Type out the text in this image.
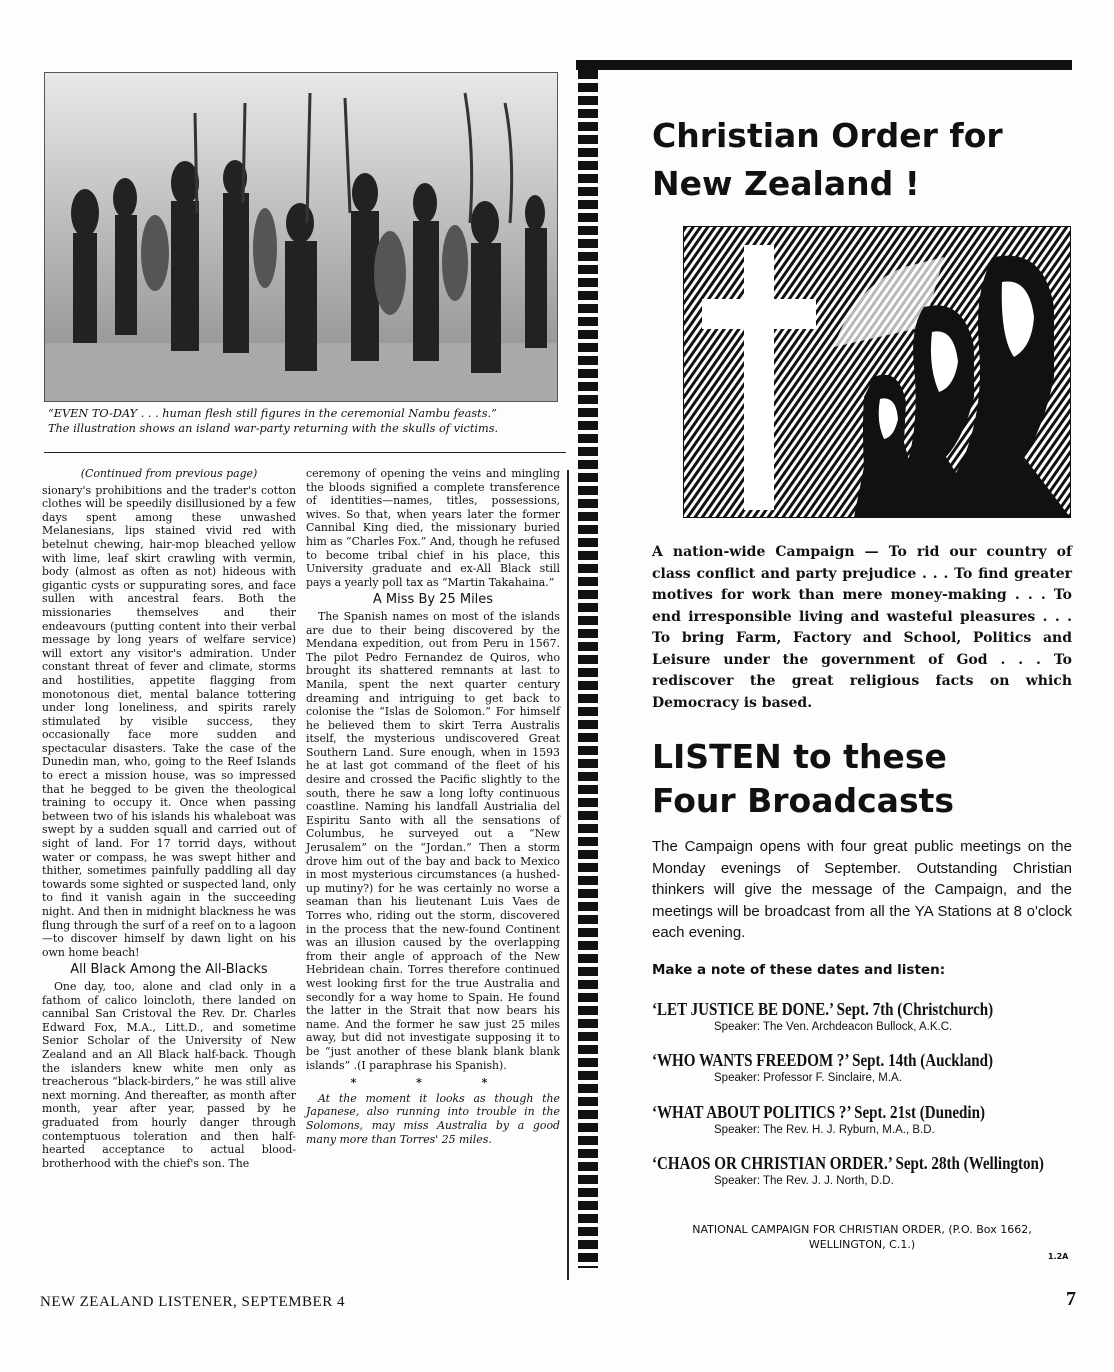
“EVEN TO-DAY . . . human flesh still figures in the ceremonial Nambu feasts.”
The illustration shows an island war-party returning with the skulls of victims.

(Continued from previous page)

sionary's prohibitions and the trader's cotton clothes will be speedily disillusioned by a few days spent among these unwashed Melanesians, lips stained vivid red with betelnut chewing, hair-mop bleached yellow with lime, leaf skirt crawling with vermin, body (almost as often as not) hideous with gigantic cysts or suppurating sores, and face sullen with ancestral fears. Both the missionaries themselves and their endeavours (putting content into their verbal message by long years of welfare service) will extort any visitor's admiration. Under constant threat of fever and climate, storms and hostilities, appetite flagging from monotonous diet, mental balance tottering under long loneliness, and spirits rarely stimulated by visible success, they occasionally face more sudden and spectacular disasters. Take the case of the Dunedin man, who, going to the Reef Islands to erect a mission house, was so impressed that he begged to be given the theological training to occupy it. Once when passing between two of his islands his whaleboat was swept by a sudden squall and carried out of sight of land. For 17 torrid days, without water or compass, he was swept hither and thither, sometimes painfully paddling all day towards some sighted or suspected land, only to find it vanish again in the succeeding night. And then in midnight blackness he was flung through the surf of a reef on to a lagoon —to discover himself by dawn light on his own home beach!

All Black Among the All-Blacks

One day, too, alone and clad only in a fathom of calico loincloth, there landed on cannibal San Cristoval the Rev. Dr. Charles Edward Fox, M.A., Litt.D., and sometime Senior Scholar of the University of New Zealand and an All Black half-back. Though the islanders knew white men only as treacherous “black-birders,” he was still alive next morning. And thereafter, as month after month, year after year, passed by he graduated from hourly danger through contemptuous toleration and then half-hearted acceptance to actual blood-brotherhood with the chief's son. The

ceremony of opening the veins and mingling the bloods signified a complete transference of identities—names, titles, possessions, wives. So that, when years later the former Cannibal King died, the missionary buried him as “Charles Fox.” And, though he refused to become tribal chief in his place, this University graduate and ex-All Black still pays a yearly poll tax as “Martin Takahaina.”

A Miss By 25 Miles

The Spanish names on most of the islands are due to their being discovered by the Mendana expedition, out from Peru in 1567. The pilot Pedro Fernandez de Quiros, who brought its shattered remnants at last to Manila, spent the next quarter century dreaming and intriguing to get back to colonise the “Islas de Solomon.” For himself he believed them to skirt Terra Australis itself, the mysterious undiscovered Great Southern Land. Sure enough, when in 1593 he at last got command of the fleet of his desire and crossed the Pacific slightly to the south, there he saw a long lofty continuous coastline. Naming his landfall Austrialia del Espiritu Santo with all the sensations of Columbus, he surveyed out a “New Jerusalem” on the “Jordan.” Then a storm drove him out of the bay and back to Mexico in most mysterious circumstances (a hushed-up mutiny?) for he was certainly no worse a seaman than his lieutenant Luis Vaes de Torres who, riding out the storm, discovered in the process that the new-found Continent was an illusion caused by the overlapping from their angle of approach of the New Hebridean chain. Torres therefore continued west looking first for the true Australia and secondly for a way home to Spain. He found the latter in the Strait that now bears his name. And the former he saw just 25 miles away, but did not investigate supposing it to be “just another of these blank blank blank islands” .(I paraphrase his Spanish).

* * *

At the moment it looks as though the Japanese, also running into trouble in the Solomons, may miss Australia by a good many more than Torres' 25 miles.

Christian Order for
New Zealand !
A nation-wide Campaign — To rid our country of class conflict and party prejudice . . . To find greater motives for work than mere money-making . . . To end irresponsible living and wasteful pleasures . . . To bring Farm, Factory and School, Politics and Leisure under the government of God . . . To rediscover the great religious facts on which Democracy is based.
LISTEN to these
Four Broadcasts
The Campaign opens with four great public meetings on the Monday evenings of September. Outstanding Christian thinkers will give the message of the Campaign, and the meetings will be broadcast from all the YA Stations at 8 o'clock each evening.
Make a note of these dates and listen:
‘LET JUSTICE BE DONE.’ Sept. 7th (Christchurch)
Speaker: The Ven. Archdeacon Bullock, A.K.C.
‘WHO WANTS FREEDOM ?’ Sept. 14th (Auckland)
Speaker: Professor F. Sinclaire, M.A.
‘WHAT ABOUT POLITICS ?’ Sept. 21st (Dunedin)
Speaker: The Rev. H. J. Ryburn, M.A., B.D.
‘CHAOS OR CHRISTIAN ORDER.’ Sept. 28th (Wellington)
Speaker: The Rev. J. J. North, D.D.
NATIONAL CAMPAIGN FOR CHRISTIAN ORDER, (P.O. Box 1662,
WELLINGTON, C.1.)
1.2A
NEW ZEALAND LISTENER, SEPTEMBER 4	7
